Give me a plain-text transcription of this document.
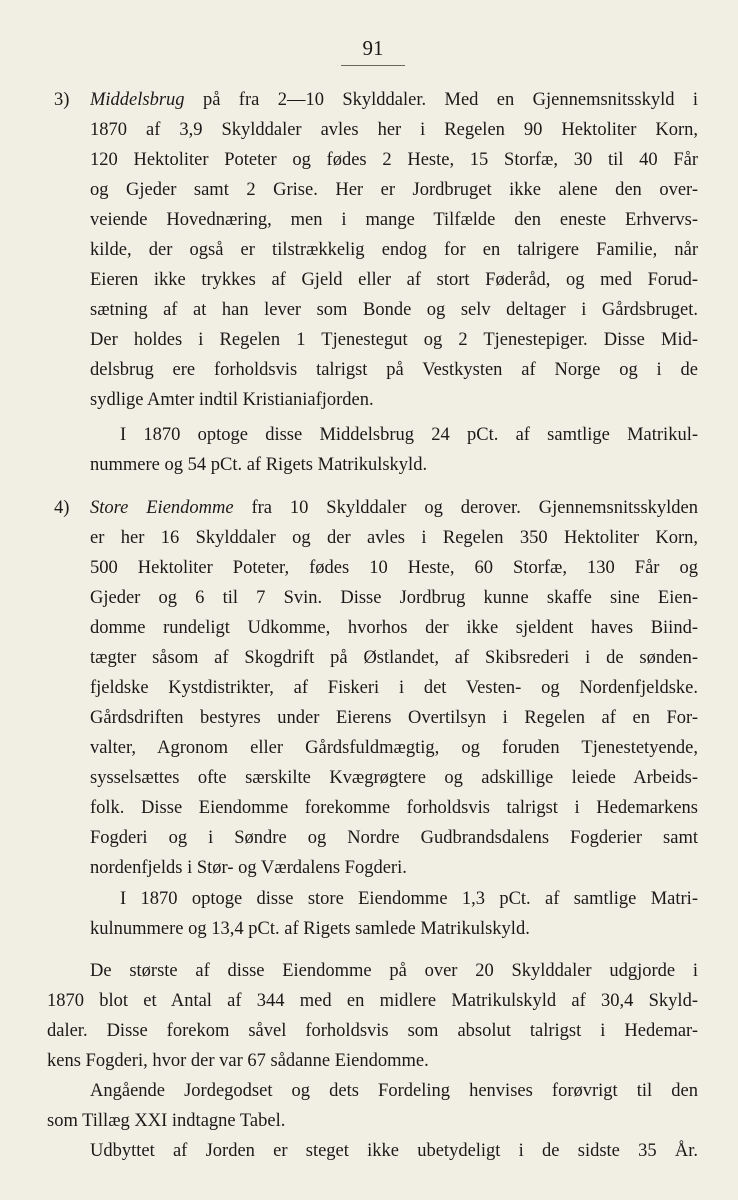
91
3) Middelsbrug på fra 2—10 Skylddaler. Med en Gjennemsnitsskyld i
1870 af 3,9 Skylddaler avles her i Regelen 90 Hektoliter Korn,
120 Hektoliter Poteter og fødes 2 Heste, 15 Storfæ, 30 til 40 Får
og Gjeder samt 2 Grise. Her er Jordbruget ikke alene den over-
veiende Hovednæring, men i mange Tilfælde den eneste Erhvervs-
kilde, der også er tilstrækkelig endog for en talrigere Familie, når
Eieren ikke trykkes af Gjeld eller af stort Føderåd, og med Forud-
sætning af at han lever som Bonde og selv deltager i Gårdsbruget.
Der holdes i Regelen 1 Tjenestegut og 2 Tjenestepiger. Disse Mid-
delsbrug ere forholdsvis talrigst på Vestkysten af Norge og i de
sydlige Amter indtil Kristianiafjorden.
I 1870 optoge disse Middelsbrug 24 pCt. af samtlige Matrikul-
nummere og 54 pCt. af Rigets Matrikulskyld.
4) Store Eiendomme fra 10 Skylddaler og derover. Gjennemsnitsskylden
er her 16 Skylddaler og der avles i Regelen 350 Hektoliter Korn,
500 Hektoliter Poteter, fødes 10 Heste, 60 Storfæ, 130 Får og
Gjeder og 6 til 7 Svin. Disse Jordbrug kunne skaffe sine Eien-
domme rundeligt Udkomme, hvorhos der ikke sjeldent haves Biind-
tægter såsom af Skogdrift på Østlandet, af Skibsrederi i de sønden-
fjeldske Kystdistrikter, af Fiskeri i det Vesten- og Nordenfjeldske.
Gårdsdriften bestyres under Eierens Overtilsyn i Regelen af en For-
valter, Agronom eller Gårdsfuldmægtig, og foruden Tjenestetyende,
sysselsættes ofte særskilte Kvægrøgtere og adskillige leiede Arbeids-
folk. Disse Eiendomme forekomme forholdsvis talrigst i Hedemarkens
Fogderi og i Søndre og Nordre Gudbrandsdalens Fogderier samt
nordenfjelds i Stør- og Værdalens Fogderi.
I 1870 optoge disse store Eiendomme 1,3 pCt. af samtlige Matri-
kulnummere og 13,4 pCt. af Rigets samlede Matrikulskyld.
De største af disse Eiendomme på over 20 Skylddaler udgjorde i
1870 blot et Antal af 344 med en midlere Matrikulskyld af 30,4 Skyld-
daler. Disse forekom såvel forholdsvis som absolut talrigst i Hedemar-
kens Fogderi, hvor der var 67 sådanne Eiendomme.
Angående Jordegodset og dets Fordeling henvises forøvrigt til den
som Tillæg XXI indtagne Tabel.
Udbyttet af Jorden er steget ikke ubetydeligt i de sidste 35 År.
